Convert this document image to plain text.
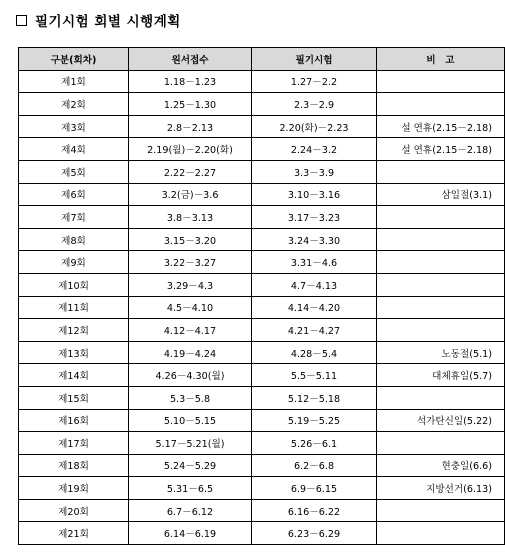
필기시험 회별 시행계획
구분(회차)	원서접수	필기시험	비　고
제1회	1.18－1.23	1.27－2.2	
제2회	1.25－1.30	2.3－2.9	
제3회	2.8－2.13	2.20(화)－2.23	설 연휴(2.15－2.18)
제4회	2.19(월)－2.20(화)	2.24－3.2	설 연휴(2.15－2.18)
제5회	2.22－2.27	3.3－3.9	
제6회	3.2(금)－3.6	3.10－3.16	삼일절(3.1)
제7회	3.8－3.13	3.17－3.23	
제8회	3.15－3.20	3.24－3.30	
제9회	3.22－3.27	3.31－4.6	
제10회	3.29－4.3	4.7－4.13	
제11회	4.5－4.10	4.14－4.20	
제12회	4.12－4.17	4.21－4.27	
제13회	4.19－4.24	4.28－5.4	노동절(5.1)
제14회	4.26－4.30(월)	5.5－5.11	대체휴일(5.7)
제15회	5.3－5.8	5.12－5.18	
제16회	5.10－5.15	5.19－5.25	석가탄신일(5.22)
제17회	5.17－5.21(월)	5.26－6.1	
제18회	5.24－5.29	6.2－6.8	현충일(6.6)
제19회	5.31－6.5	6.9－6.15	지방선거(6.13)
제20회	6.7－6.12	6.16－6.22	
제21회	6.14－6.19	6.23－6.29	
